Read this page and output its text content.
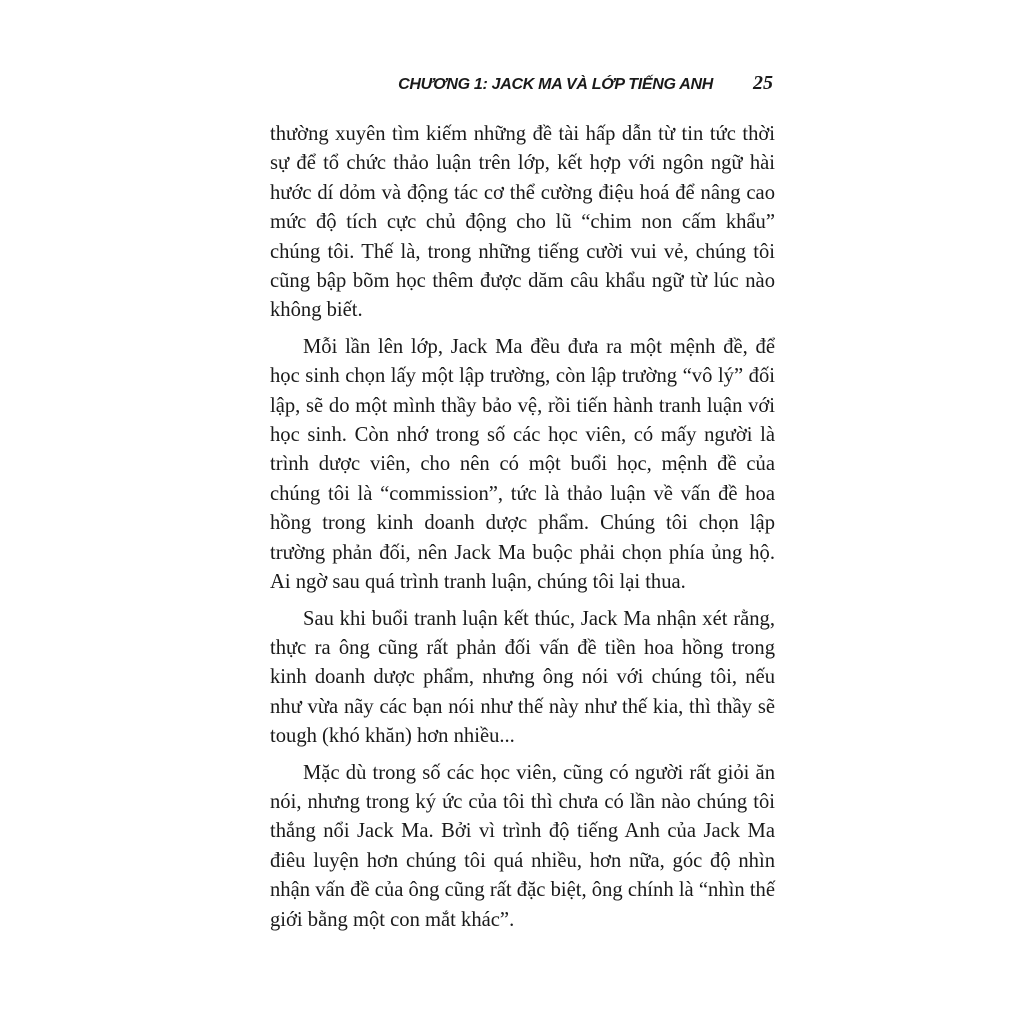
CHƯƠNG 1: JACK MA VÀ LỚP TIẾNG ANH 25

thường xuyên tìm kiếm những đề tài hấp dẫn từ tin tức thời sự để tổ chức thảo luận trên lớp, kết hợp với ngôn ngữ hài hước dí dỏm và động tác cơ thể cường điệu hoá để nâng cao mức độ tích cực chủ động cho lũ “chim non cấm khẩu” chúng tôi. Thế là, trong những tiếng cười vui vẻ, chúng tôi cũng bập bõm học thêm được dăm câu khẩu ngữ từ lúc nào không biết.

Mỗi lần lên lớp, Jack Ma đều đưa ra một mệnh đề, để học sinh chọn lấy một lập trường, còn lập trường “vô lý” đối lập, sẽ do một mình thầy bảo vệ, rồi tiến hành tranh luận với học sinh. Còn nhớ trong số các học viên, có mấy người là trình dược viên, cho nên có một buổi học, mệnh đề của chúng tôi là “commission”, tức là thảo luận về vấn đề hoa hồng trong kinh doanh dược phẩm. Chúng tôi chọn lập trường phản đối, nên Jack Ma buộc phải chọn phía ủng hộ. Ai ngờ sau quá trình tranh luận, chúng tôi lại thua.

Sau khi buổi tranh luận kết thúc, Jack Ma nhận xét rằng, thực ra ông cũng rất phản đối vấn đề tiền hoa hồng trong kinh doanh dược phẩm, nhưng ông nói với chúng tôi, nếu như vừa nãy các bạn nói như thế này như thế kia, thì thầy sẽ tough (khó khăn) hơn nhiều...

Mặc dù trong số các học viên, cũng có người rất giỏi ăn nói, nhưng trong ký ức của tôi thì chưa có lần nào chúng tôi thắng nổi Jack Ma. Bởi vì trình độ tiếng Anh của Jack Ma điêu luyện hơn chúng tôi quá nhiều, hơn nữa, góc độ nhìn nhận vấn đề của ông cũng rất đặc biệt, ông chính là “nhìn thế giới bằng một con mắt khác”.
